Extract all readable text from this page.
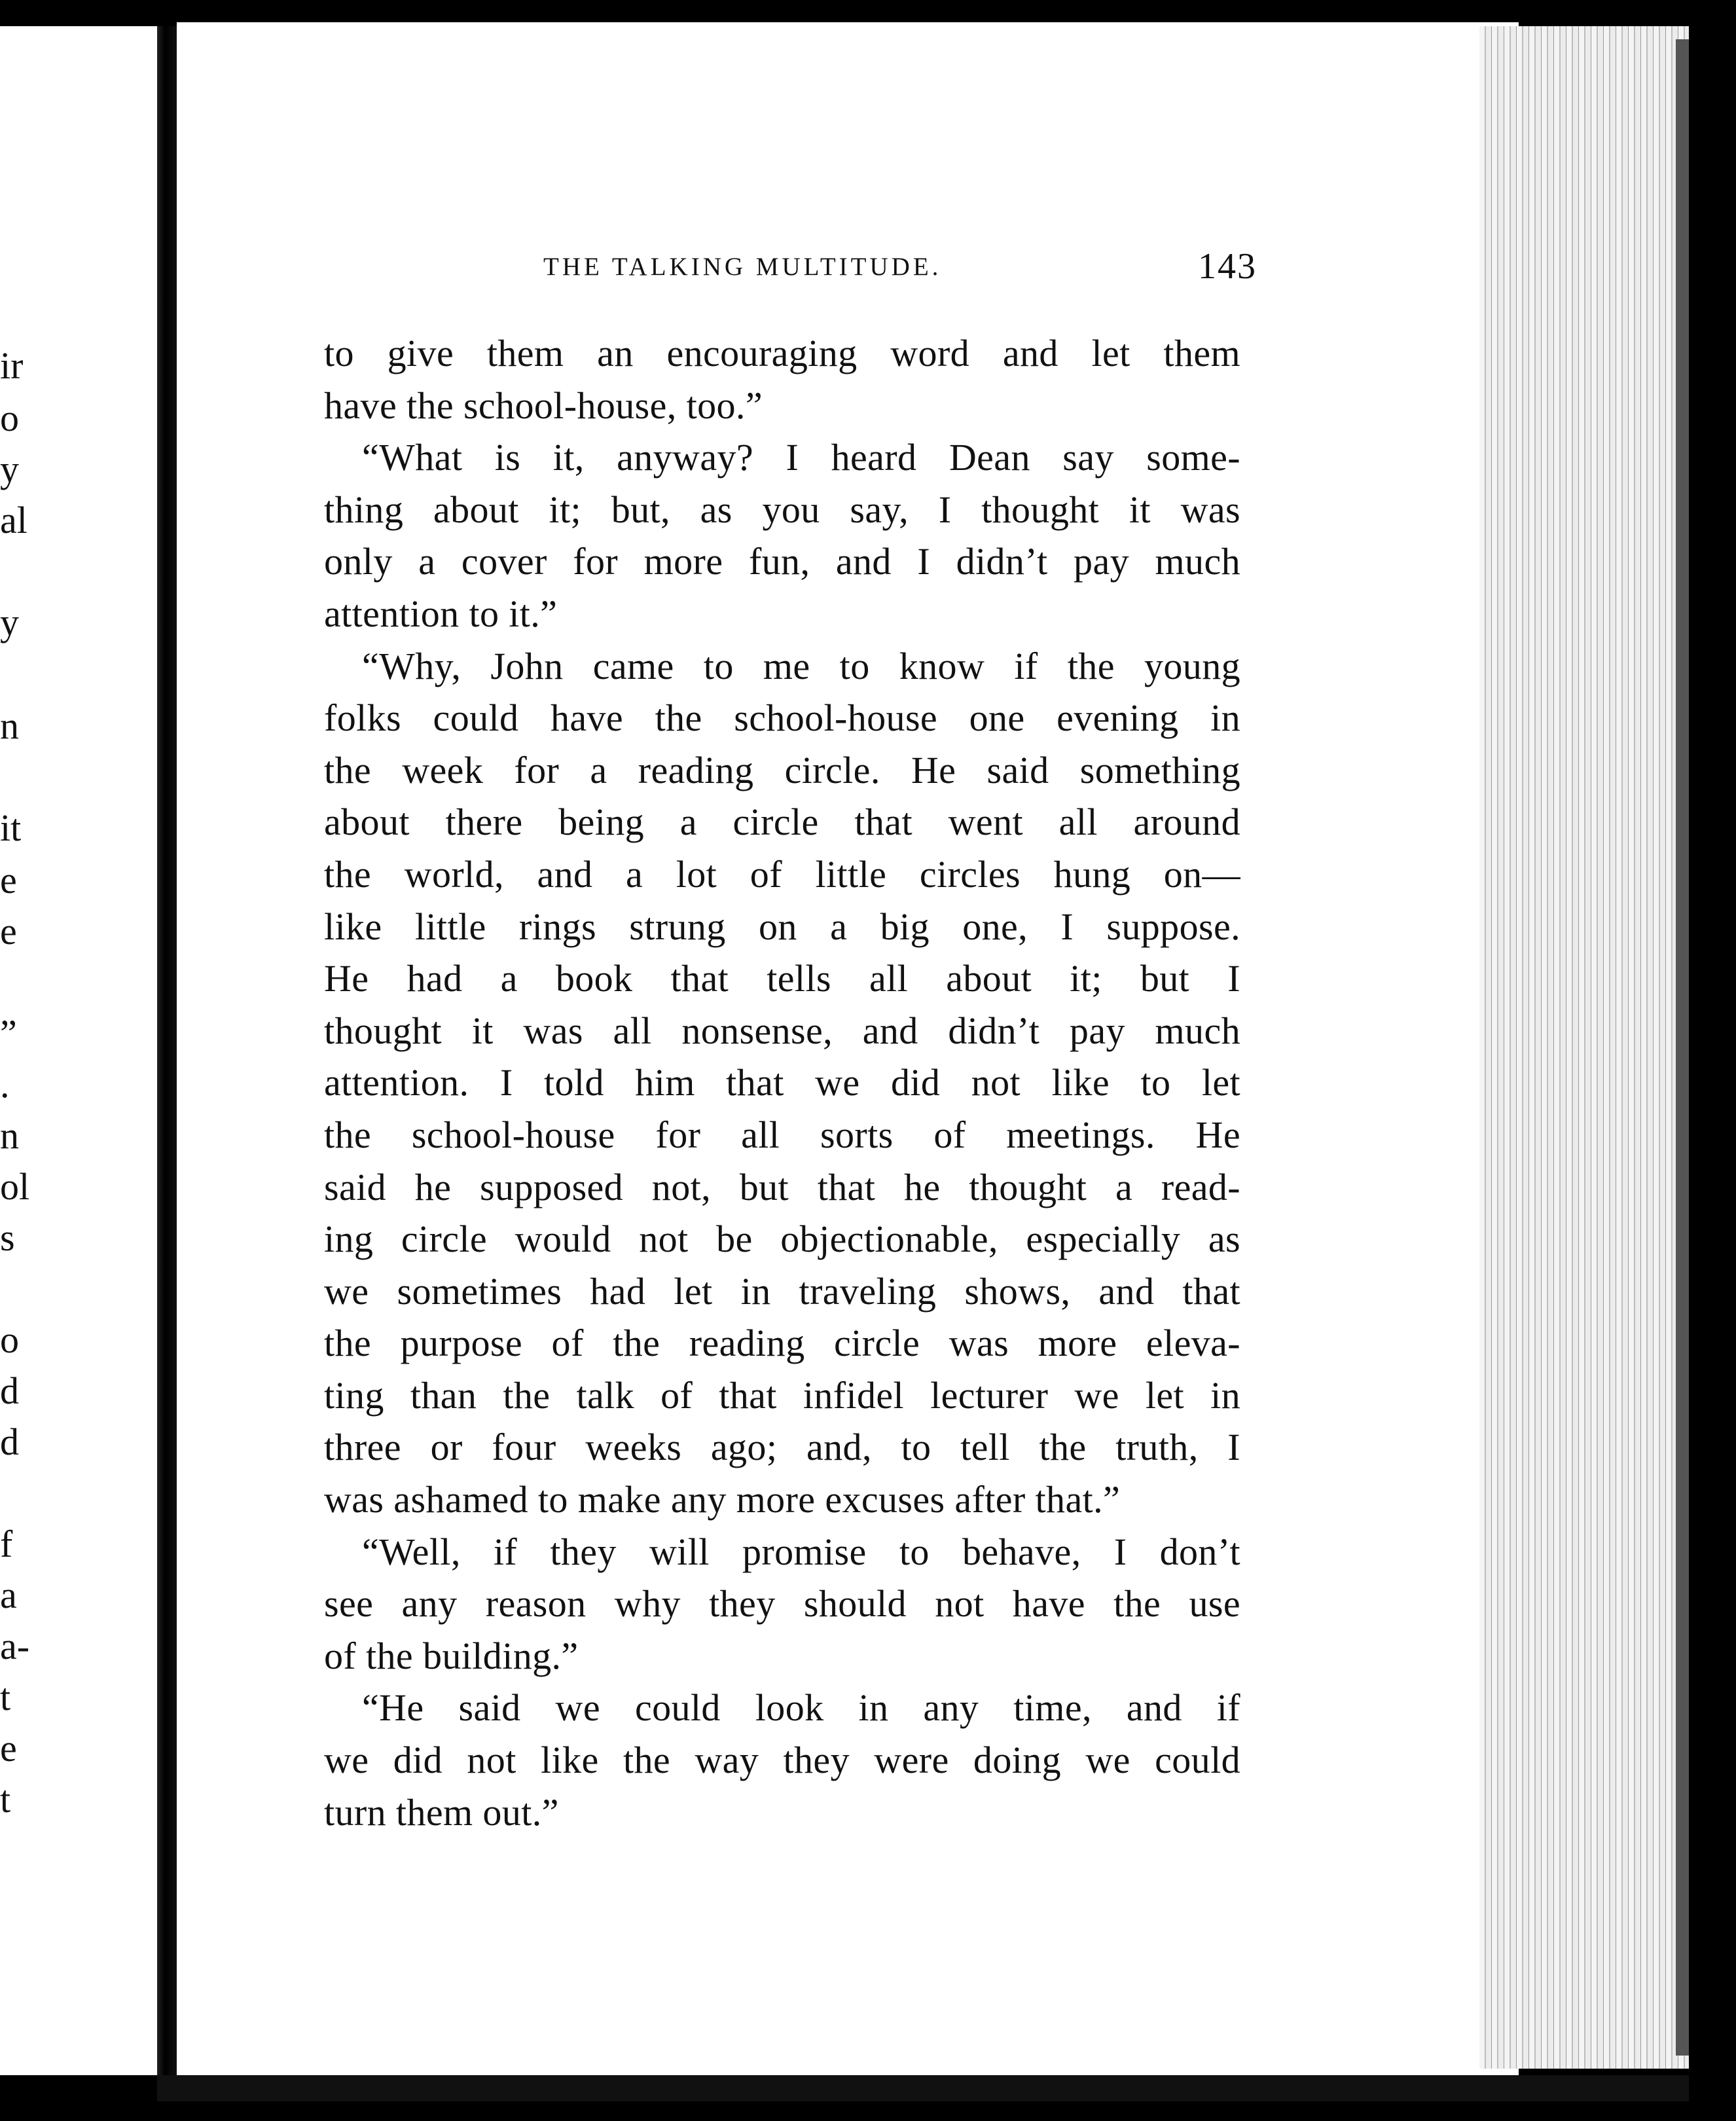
ir
o
y
al
y
n
it
e
e
”
.
n
ol
s
o
d
d
f
a
a-
t
e
t
THE TALKING MULTITUDE.	143
to give them an encouraging word and let them
have the school-house, too.”
“What is it, anyway? I heard Dean say some-
thing about it; but, as you say, I thought it was
only a cover for more fun, and I didn’t pay much
attention to it.”
“Why, John came to me to know if the young
folks could have the school-house one evening in
the week for a reading circle. He said something
about there being a circle that went all around
the world, and a lot of little circles hung on—
like little rings strung on a big one, I suppose.
He had a book that tells all about it; but I
thought it was all nonsense, and didn’t pay much
attention. I told him that we did not like to let
the school-house for all sorts of meetings. He
said he supposed not, but that he thought a read-
ing circle would not be objectionable, especially as
we sometimes had let in traveling shows, and that
the purpose of the reading circle was more eleva-
ting than the talk of that infidel lecturer we let in
three or four weeks ago; and, to tell the truth, I
was ashamed to make any more excuses after that.”
“Well, if they will promise to behave, I don’t
see any reason why they should not have the use
of the building.”
“He said we could look in any time, and if
we did not like the way they were doing we could
turn them out.”
